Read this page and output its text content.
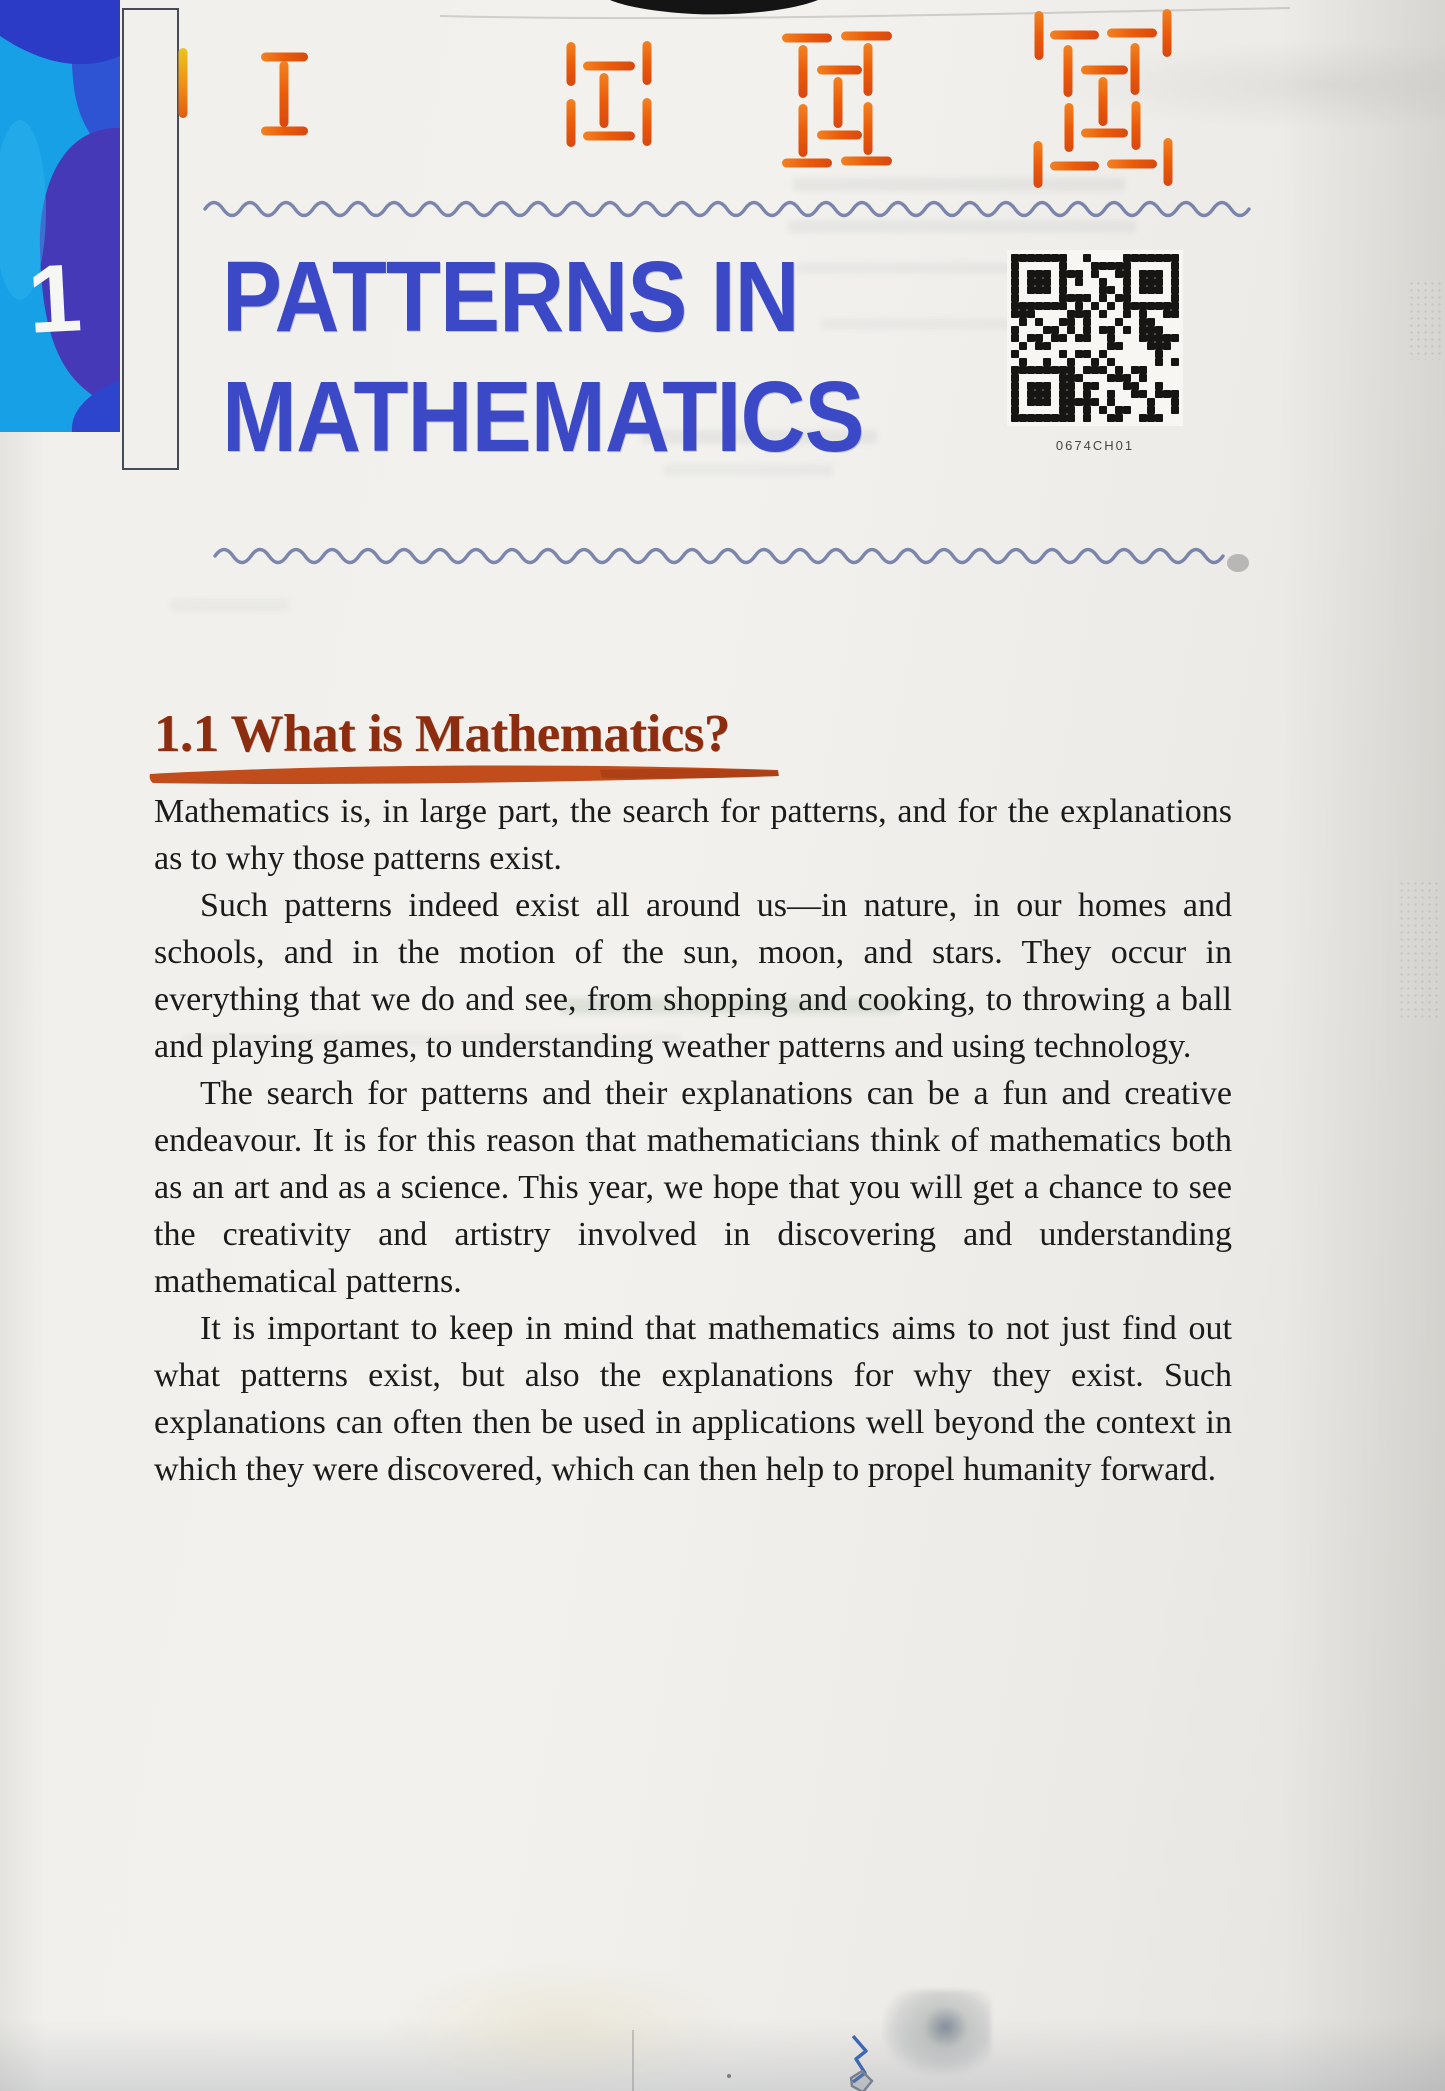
1 PATTERNS IN
MATHEMATICS	0674CH01
1.1 What is Mathematics?

Mathematics is, in large part, the search for patterns, and for the explanations as to why those patterns exist.

Such patterns indeed exist all around us—in nature, in our homes and schools, and in the motion of the sun, moon, and stars. They occur in everything that we do and see, from shopping and cooking, to throwing a ball and playing games, to understanding weather patterns and using technology.

The search for patterns and their explanations can be a fun and creative endeavour. It is for this reason that mathematicians think of mathematics both as an art and as a science. This year, we hope that you will get a chance to see the creativity and artistry involved in discovering and understanding mathematical patterns.

It is important to keep in mind that mathematics aims to not just find out what patterns exist, but also the explanations for why they exist. Such explanations can often then be used in applications well beyond the context in which they were discovered, which can then help to propel humanity forward.
